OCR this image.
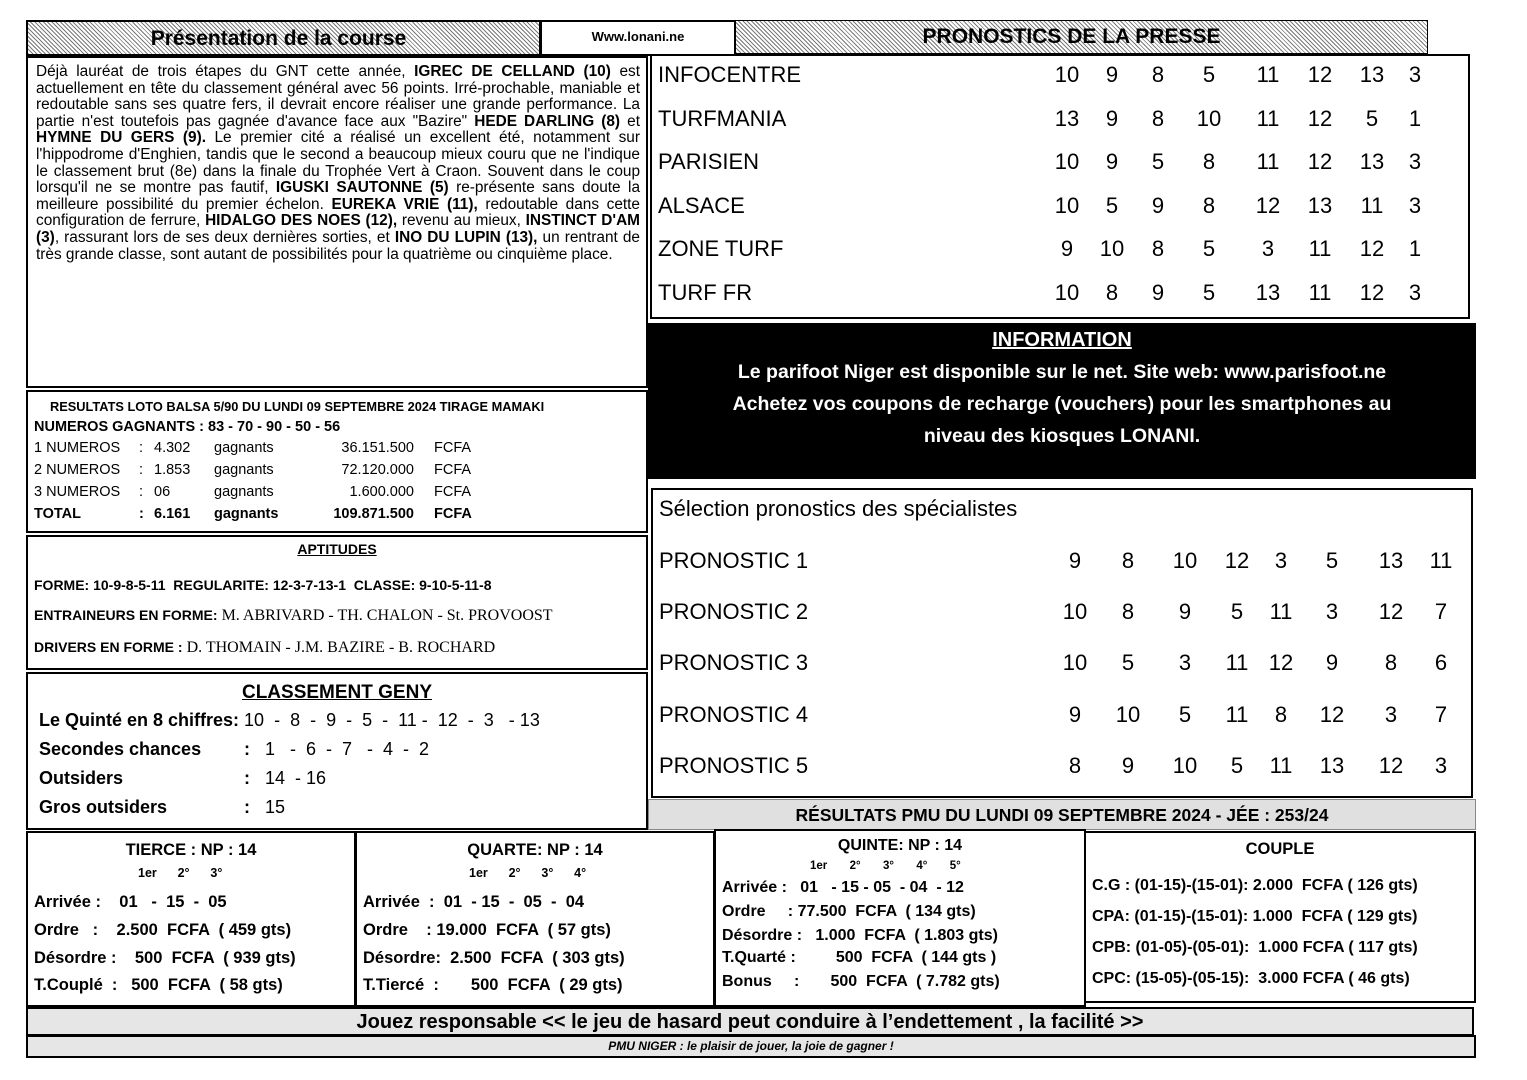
Présentation de la course	Www.lonani.ne	PRONOSTICS DE LA PRESSE
Déjà lauréat de trois étapes du GNT cette année, IGREC DE CELLAND (10) est actuellement en tête du classement général avec 56 points. Irré-prochable, maniable et redoutable sans ses quatre fers, il devrait encore réaliser une grande performance. La partie n'est toutefois pas gagnée d'avance face aux "Bazire" HEDE DARLING (8) et HYMNE DU GERS (9). Le premier cité a réalisé un excellent été, notamment sur l'hippodrome d'Enghien, tandis que le second a beaucoup mieux couru que ne l'indique le classement brut (8e) dans la finale du Trophée Vert à Craon. Souvent dans le coup lorsqu'il ne se montre pas fautif, IGUSKI SAUTONNE (5) re-présente sans doute la meilleure possibilité du premier échelon. EUREKA VRIE (11), redoutable dans cette configuration de ferrure, HIDALGO DES NOES (12), revenu au mieux, INSTINCT D'AM (3), rassurant lors de ses deux dernières sorties, et INO DU LUPIN (13), un rentrant de très grande classe, sont autant de possibilités pour la quatrième ou cinquième place.
INFOCENTRE	10	9	8	5	11	12	13	3
TURFMANIA	13	9	8	10	11	12	5	1
PARISIEN	10	9	5	8	11	12	13	3
ALSACE	10	5	9	8	12	13	11	3
ZONE TURF	9	10	8	5	3	11	12	1
TURF FR	10	8	9	5	13	11	12	3
INFORMATION
Le parifoot Niger est disponible sur le net. Site web: www.parisfoot.ne
Achetez vos coupons de recharge (vouchers) pour les smartphones au
niveau des kiosques LONANI.
RESULTATS LOTO BALSA 5/90 DU LUNDI 09 SEPTEMBRE 2024 TIRAGE MAMAKI
NUMEROS GAGNANTS : 83 - 70 - 90 - 50 - 56
1 NUMEROS : 4.302 gagnants	36.151.500 FCFA
2 NUMEROS : 1.853 gagnants	72.120.000 FCFA
3 NUMEROS : 06	gagnants	1.600.000 FCFA
TOTAL	: 6.161 gagnants	109.871.500 FCFA
APTITUDES
FORME: 10-9-8-5-11 REGULARITE: 12-3-7-13-1 CLASSE: 9-10-5-11-8
ENTRAINEURS EN FORME: M. ABRIVARD - TH. CHALON - St. PROVOOST
DRIVERS EN FORME : D. THOMAIN - J.M. BAZIRE - B. ROCHARD
CLASSEMENT GENY
Le Quinté en 8 chiffres: 10  -  8  -  9  -  5  -  11 -  12  -  3   - 13
Secondes chances : 1   -  6  -  7   -  4  -  2
Outsiders	: 14  - 16
Gros outsiders	: 15
Sélection pronostics des spécialistes
PRONOSTIC 1	9	8	10	12	3	5	13	11
PRONOSTIC 2	10	8	9	5	11	3	12	7
PRONOSTIC 3	10	5	3	11 12	9	8	6
PRONOSTIC 4	9	10	5	11	8	12	3	7
PRONOSTIC 5	8	9	10	5	11	13	12	3
RÉSULTATS PMU DU LUNDI 09 SEPTEMBRE 2024 - JÉE : 253/24
TIERCE : NP : 14
1er      2°      3°
Arrivée : 01   -  15  -  05
Ordre   : 2.500  FCFA  ( 459 gts)
Désordre : 500  FCFA  ( 939 gts)
T.Couplé  : 500  FCFA  ( 58 gts)
QUARTE: NP : 14
1er      2°      3°      4°
Arrivée  : 01  - 15  -  05  -  04
Ordre    : 19.000  FCFA  ( 57 gts)
Désordre: 2.500  FCFA  ( 303 gts)
T.Tiercé  : 500  FCFA  ( 29 gts)
QUINTE: NP : 14
1er       2°       3°       4°       5°
Arrivée : 01   - 15 - 05  - 04  - 12
Ordre     : 77.500  FCFA  ( 134 gts)
Désordre : 1.000  FCFA  ( 1.803 gts)
T.Quarté :	500  FCFA  ( 144 gts )
Bonus     : 500  FCFA  ( 7.782 gts)
COUPLE
C.G : (01-15)-(15-01): 2.000  FCFA ( 126 gts)
CPA: (01-15)-(15-01): 1.000  FCFA ( 129 gts)
CPB: (01-05)-(05-01):  1.000 FCFA ( 117 gts)
CPC: (15-05)-(05-15):  3.000 FCFA ( 46 gts)
Jouez responsable << le jeu de hasard peut conduire à l’endettement , la facilité >>
PMU NIGER : le plaisir de jouer, la joie de gagner !
